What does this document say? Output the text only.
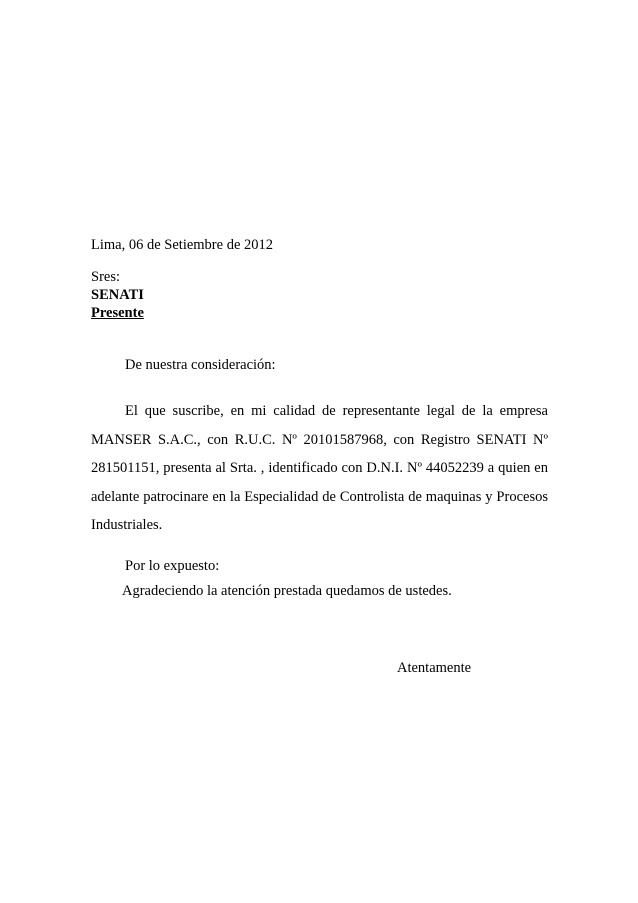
Lima, 06 de Setiembre de 2012
Sres:
SENATI
Presente
De nuestra consideración:
El que suscribe, en mi calidad de representante legal de la empresa MANSER S.A.C., con R.U.C. Nº 20101587968, con Registro SENATI Nº 281501151, presenta al Srta. , identificado con D.N.I. Nº 44052239 a quien en adelante patrocinare en la Especialidad de Controlista de maquinas y Procesos Industriales.
Por lo expuesto:
Agradeciendo la atención prestada quedamos de ustedes.
Atentamente
